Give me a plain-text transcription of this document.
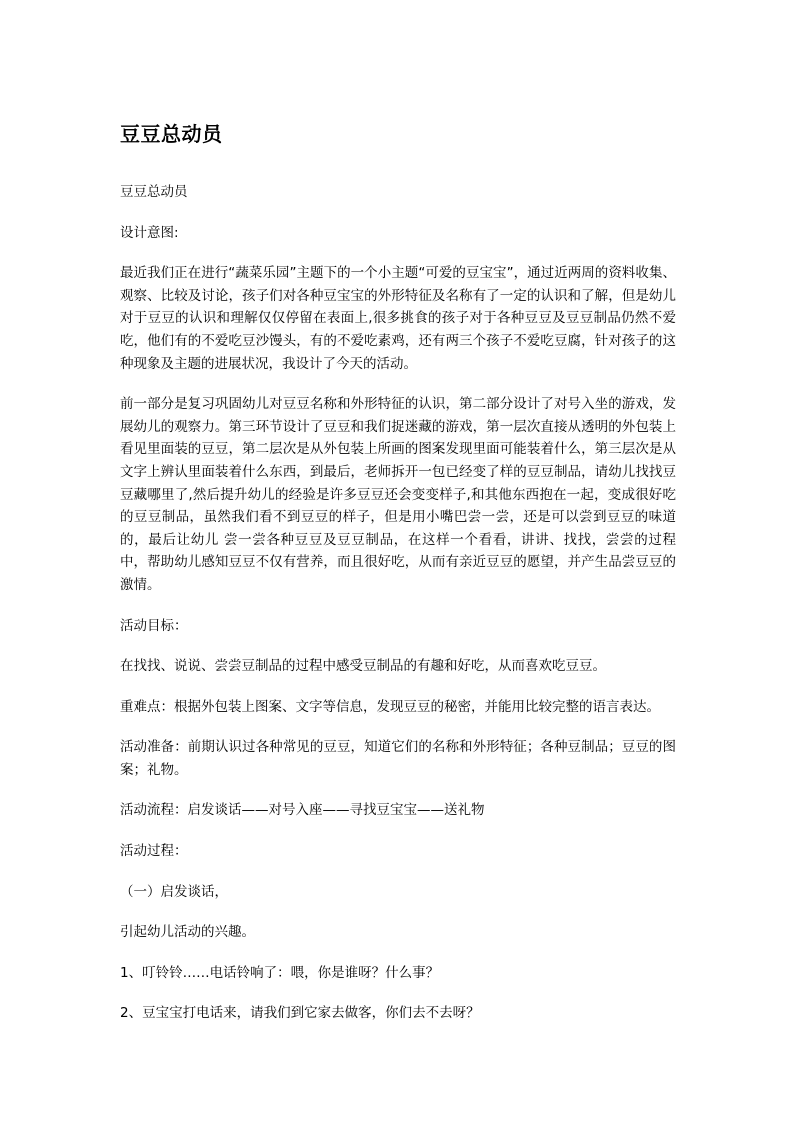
豆豆总动员

豆豆总动员

设计意图:

最近我们正在进行“蔬菜乐园”主题下的一个小主题“可爱的豆宝宝”，通过近两周的资料收集、观察、比较及讨论，孩子们对各种豆宝宝的外形特征及名称有了一定的认识和了解，但是幼儿对于豆豆的认识和理解仅仅停留在表面上,很多挑食的孩子对于各种豆豆及豆豆制品仍然不爱吃，他们有的不爱吃豆沙馒头，有的不爱吃素鸡，还有两三个孩子不爱吃豆腐，针对孩子的这种现象及主题的进展状况，我设计了今天的活动。

前一部分是复习巩固幼儿对豆豆名称和外形特征的认识，第二部分设计了对号入坐的游戏，发展幼儿的观察力。第三环节设计了豆豆和我们捉迷藏的游戏，第一层次直接从透明的外包装上看见里面装的豆豆，第二层次是从外包装上所画的图案发现里面可能装着什么，第三层次是从文字上辨认里面装着什么东西，到最后，老师拆开一包已经变了样的豆豆制品，请幼儿找找豆豆藏哪里了,然后提升幼儿的经验是许多豆豆还会变变样子,和其他东西抱在一起，变成很好吃的豆豆制品，虽然我们看不到豆豆的样子，但是用小嘴巴尝一尝，还是可以尝到豆豆的味道的，最后让幼儿 尝一尝各种豆豆及豆豆制品，在这样一个看看，讲讲、找找，尝尝的过程中，帮助幼儿感知豆豆不仅有营养，而且很好吃，从而有亲近豆豆的愿望，并产生品尝豆豆的激情。

活动目标：

在找找、说说、尝尝豆制品的过程中感受豆制品的有趣和好吃，从而喜欢吃豆豆。

重难点：根据外包装上图案、文字等信息，发现豆豆的秘密，并能用比较完整的语言表达。

活动准备：前期认识过各种常见的豆豆，知道它们的名称和外形特征；各种豆制品；豆豆的图案；礼物。

活动流程：启发谈话——对号入座——寻找豆宝宝——送礼物

活动过程：

（一）启发谈话，

引起幼儿活动的兴趣。

1、叮铃铃……电话铃响了：喂，你是谁呀？什么事？

2、豆宝宝打电话来，请我们到它家去做客，你们去不去呀？
